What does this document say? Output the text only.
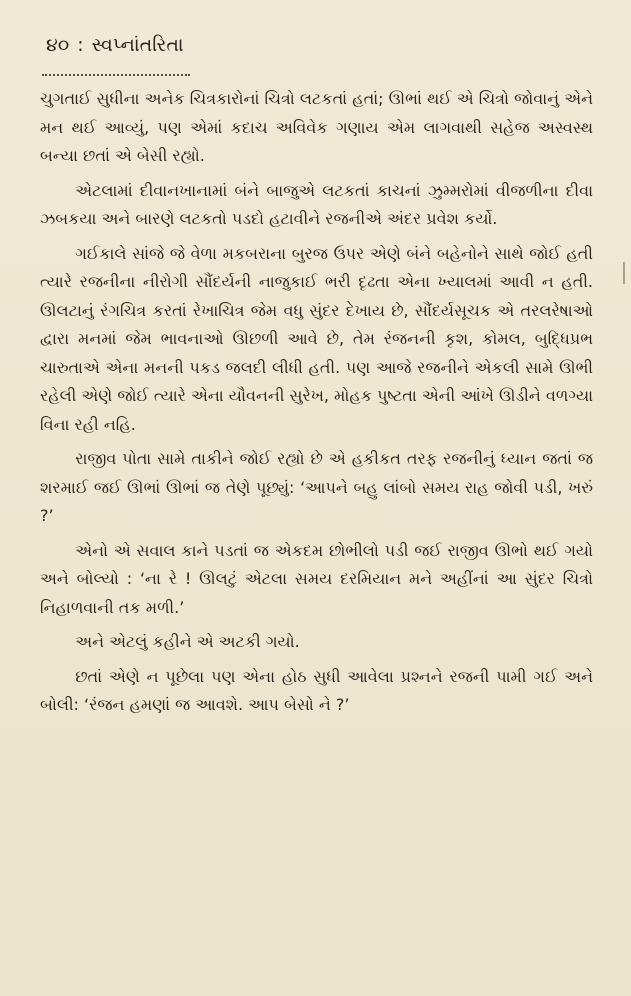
૪૦ : સ્વપ્નાંતરિતા

ચુગતાઈ સુધીના અનેક ચિત્રકારોનાં ચિત્રો લટકતાં હતાં; ઊભાં થઈ એ ચિત્રો જોવાનું એને મન થઈ આવ્યું, પણ એમાં કદાચ અવિવેક ગણાય એમ લાગવાથી સહેજ અસ્વસ્થ બન્યા છતાં એ બેસી રહ્યો.

એટલામાં દીવાનખાનામાં બંને બાજુએ લટકતાં કાચનાં ઝુમ્મરોમાં વીજળીના દીવા ઝબકયા અને બારણે લટકતો પડદો હટાવીને રજનીએ અંદર પ્રવેશ કર્યો.

ગઈકાલે સાંજે જે વેળા મકબરાના બુરજ ઉપર એણે બંને બહેનોને સાથે જોઈ હતી ત્યારે રજનીના નીરોગી સૌંદર્યની નાજુકાઈ ભરી દૃઢતા એના ખ્યાલમાં આવી ન હતી. ઊલટાનું રંગચિત્ર કરતાં રેખાચિત્ર જેમ વધુ સુંદર દેખાય છે, સૌંદર્યસૂચક એ તરલરેષાઓ દ્વારા મનમાં જેમ ભાવનાઓ ઊછળી આવે છે, તેમ રંજનની કૃશ, કોમલ, બુદ્ધિપ્રભ ચારુતાએ એના મનની પકડ જલદી લીધી હતી. પણ આજે રજનીને એકલી સામે ઊભી રહેલી એણે જોઈ ત્યારે એના યૌવનની સુરેખ, મોહક પુષ્ટતા એની આંખે ઊડીને વળગ્યા વિના રહી નહિ.

રાજીવ પોતા સામે તાકીને જોઈ રહ્યો છે એ હકીકત તરફ રજનીનું ધ્યાન જતાં જ શરમાઈ જઈ ઊભાં ઊભાં જ તેણે પૂછ્યું: ‘આપને બહુ લાંબો સમય રાહ જોવી પડી, ખરું ?’

એનો એ સવાલ કાને પડતાં જ એકદમ છોભીલો પડી જઈ રાજીવ ઊભો થઈ ગયો અને બોલ્યો : ‘ના રે ! ઊલટું એટલા સમય દરમિયાન મને અહીંનાં આ સુંદર ચિત્રો નિહાળવાની તક મળી.’

અને એટલું કહીને એ અટકી ગયો.

છતાં એણે ન પૂછેલા પણ એના હોઠ સુધી આવેલા પ્રશ્નને રજની પામી ગઈ અને બોલી: ‘રંજન હમણાં જ આવશે. આપ બેસો ને ?’
